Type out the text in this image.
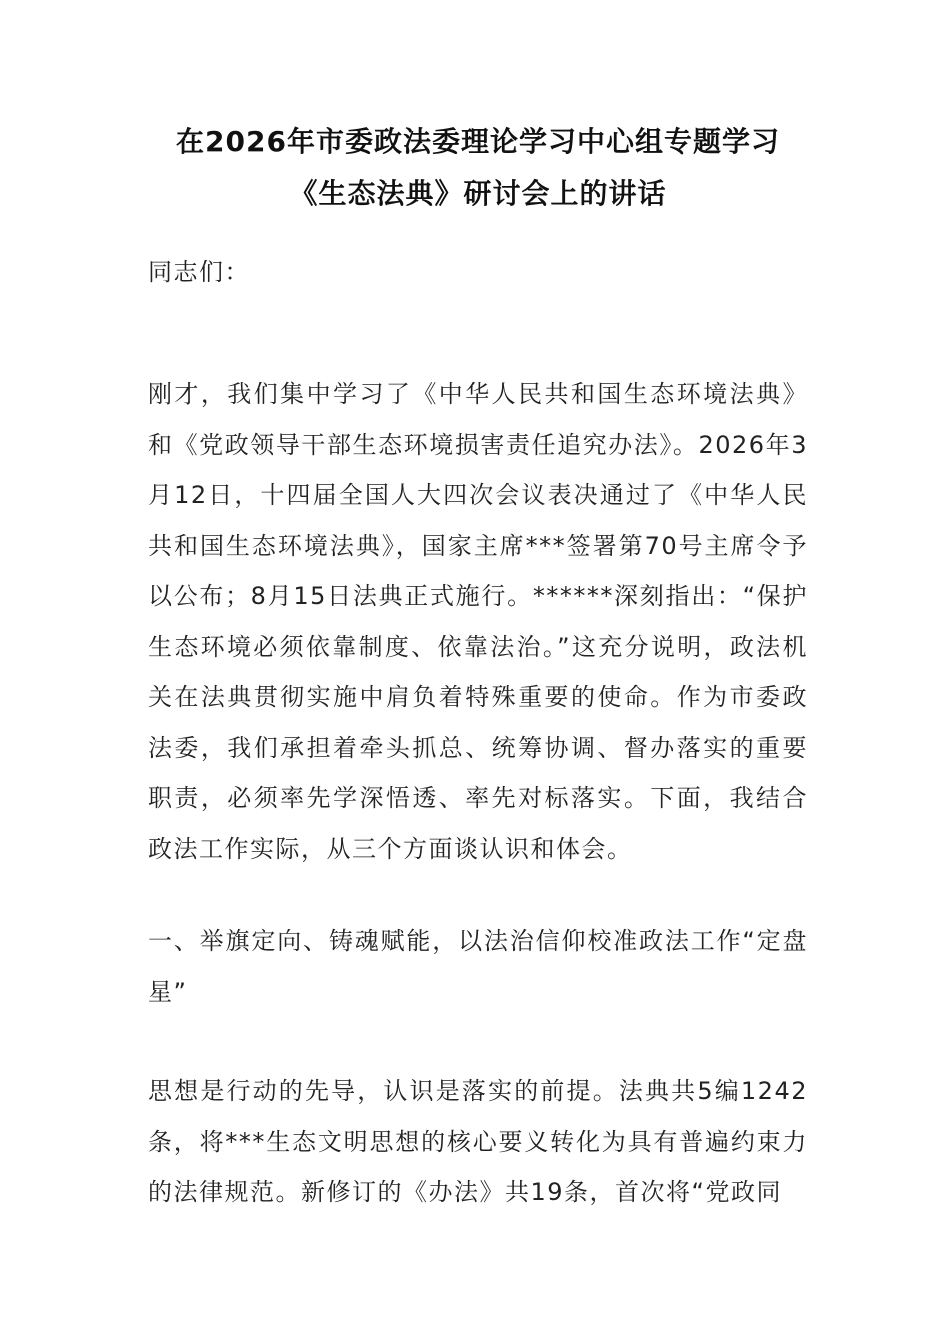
在2026年市委政法委理论学习中心组专题学习《生态法典》研讨会上的讲话

同志们：

刚才，我们集中学习了《中华人民共和国生态环境法典》和《党政领导干部生态环境损害责任追究办法》。2026年3月12日，十四届全国人大四次会议表决通过了《中华人民共和国生态环境法典》，国家主席***签署第70号主席令予以公布；8月15日法典正式施行。******深刻指出：“保护生态环境必须依靠制度、依靠法治。”这充分说明，政法机关在法典贯彻实施中肩负着特殊重要的使命。作为市委政法委，我们承担着牵头抓总、统筹协调、督办落实的重要职责，必须率先学深悟透、率先对标落实。下面，我结合政法工作实际，从三个方面谈认识和体会。

一、举旗定向、铸魂赋能，以法治信仰校准政法工作“定盘星”

思想是行动的先导，认识是落实的前提。法典共5编1242条，将***生态文明思想的核心要义转化为具有普遍约束力的法律规范。新修订的《办法》共19条，首次将“党政同
